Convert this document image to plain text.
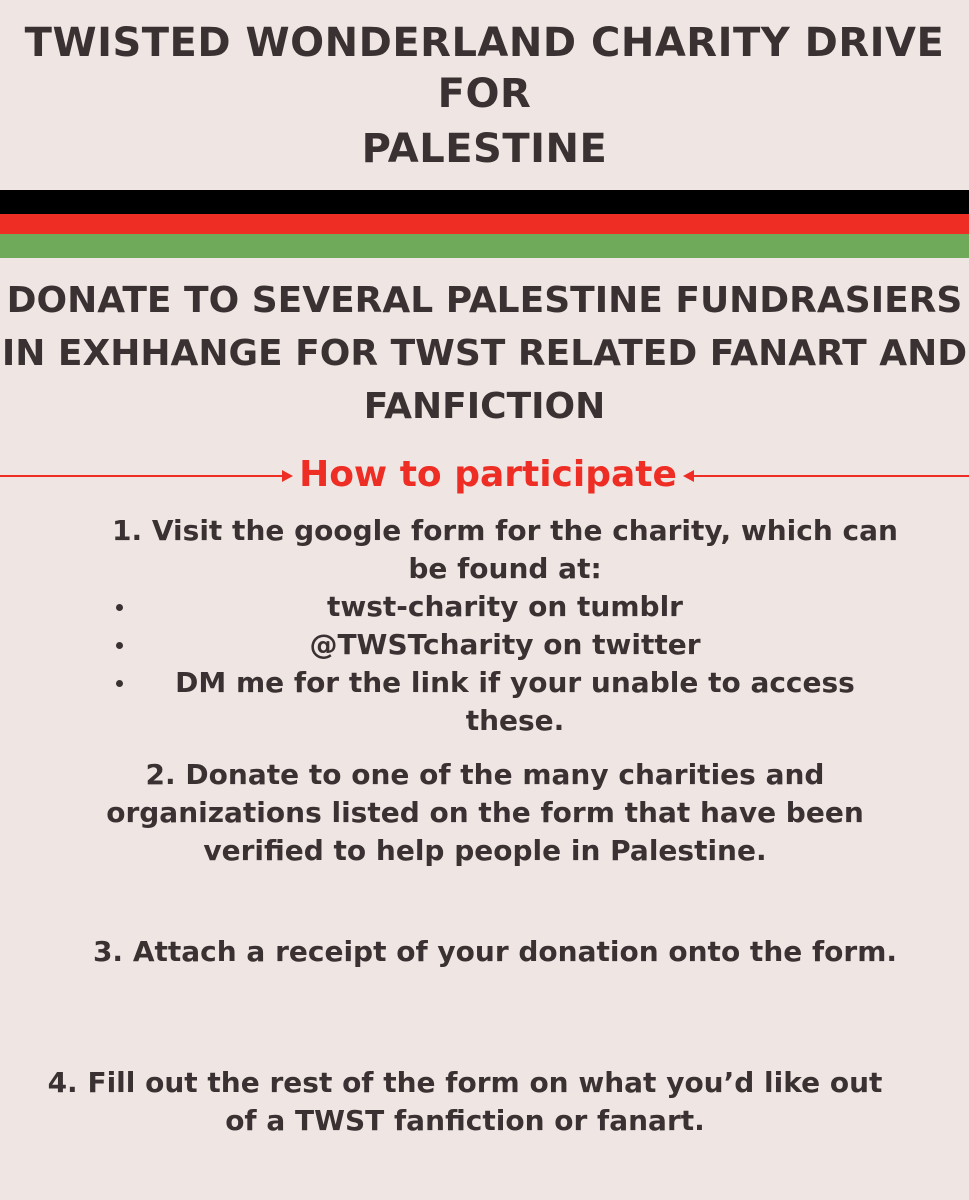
TWISTED WONDERLAND CHARITY DRIVE
FOR
PALESTINE
DONATE TO SEVERAL PALESTINE FUNDRASIERS IN EXHHANGE FOR TWST RELATED FANART AND FANFICTION
How to participate

1. Visit the google form for the charity, which can be found at:

twst-charity on tumblr
@TWSTcharity on twitter
DM me for the link if your unable to access these.

2. Donate to one of the many charities and organizations listed on the form that have been verified to help people in Palestine.

3. Attach a receipt of your donation onto the form.

4. Fill out the rest of the form on what you’d like out of a TWST fanfiction or fanart.
